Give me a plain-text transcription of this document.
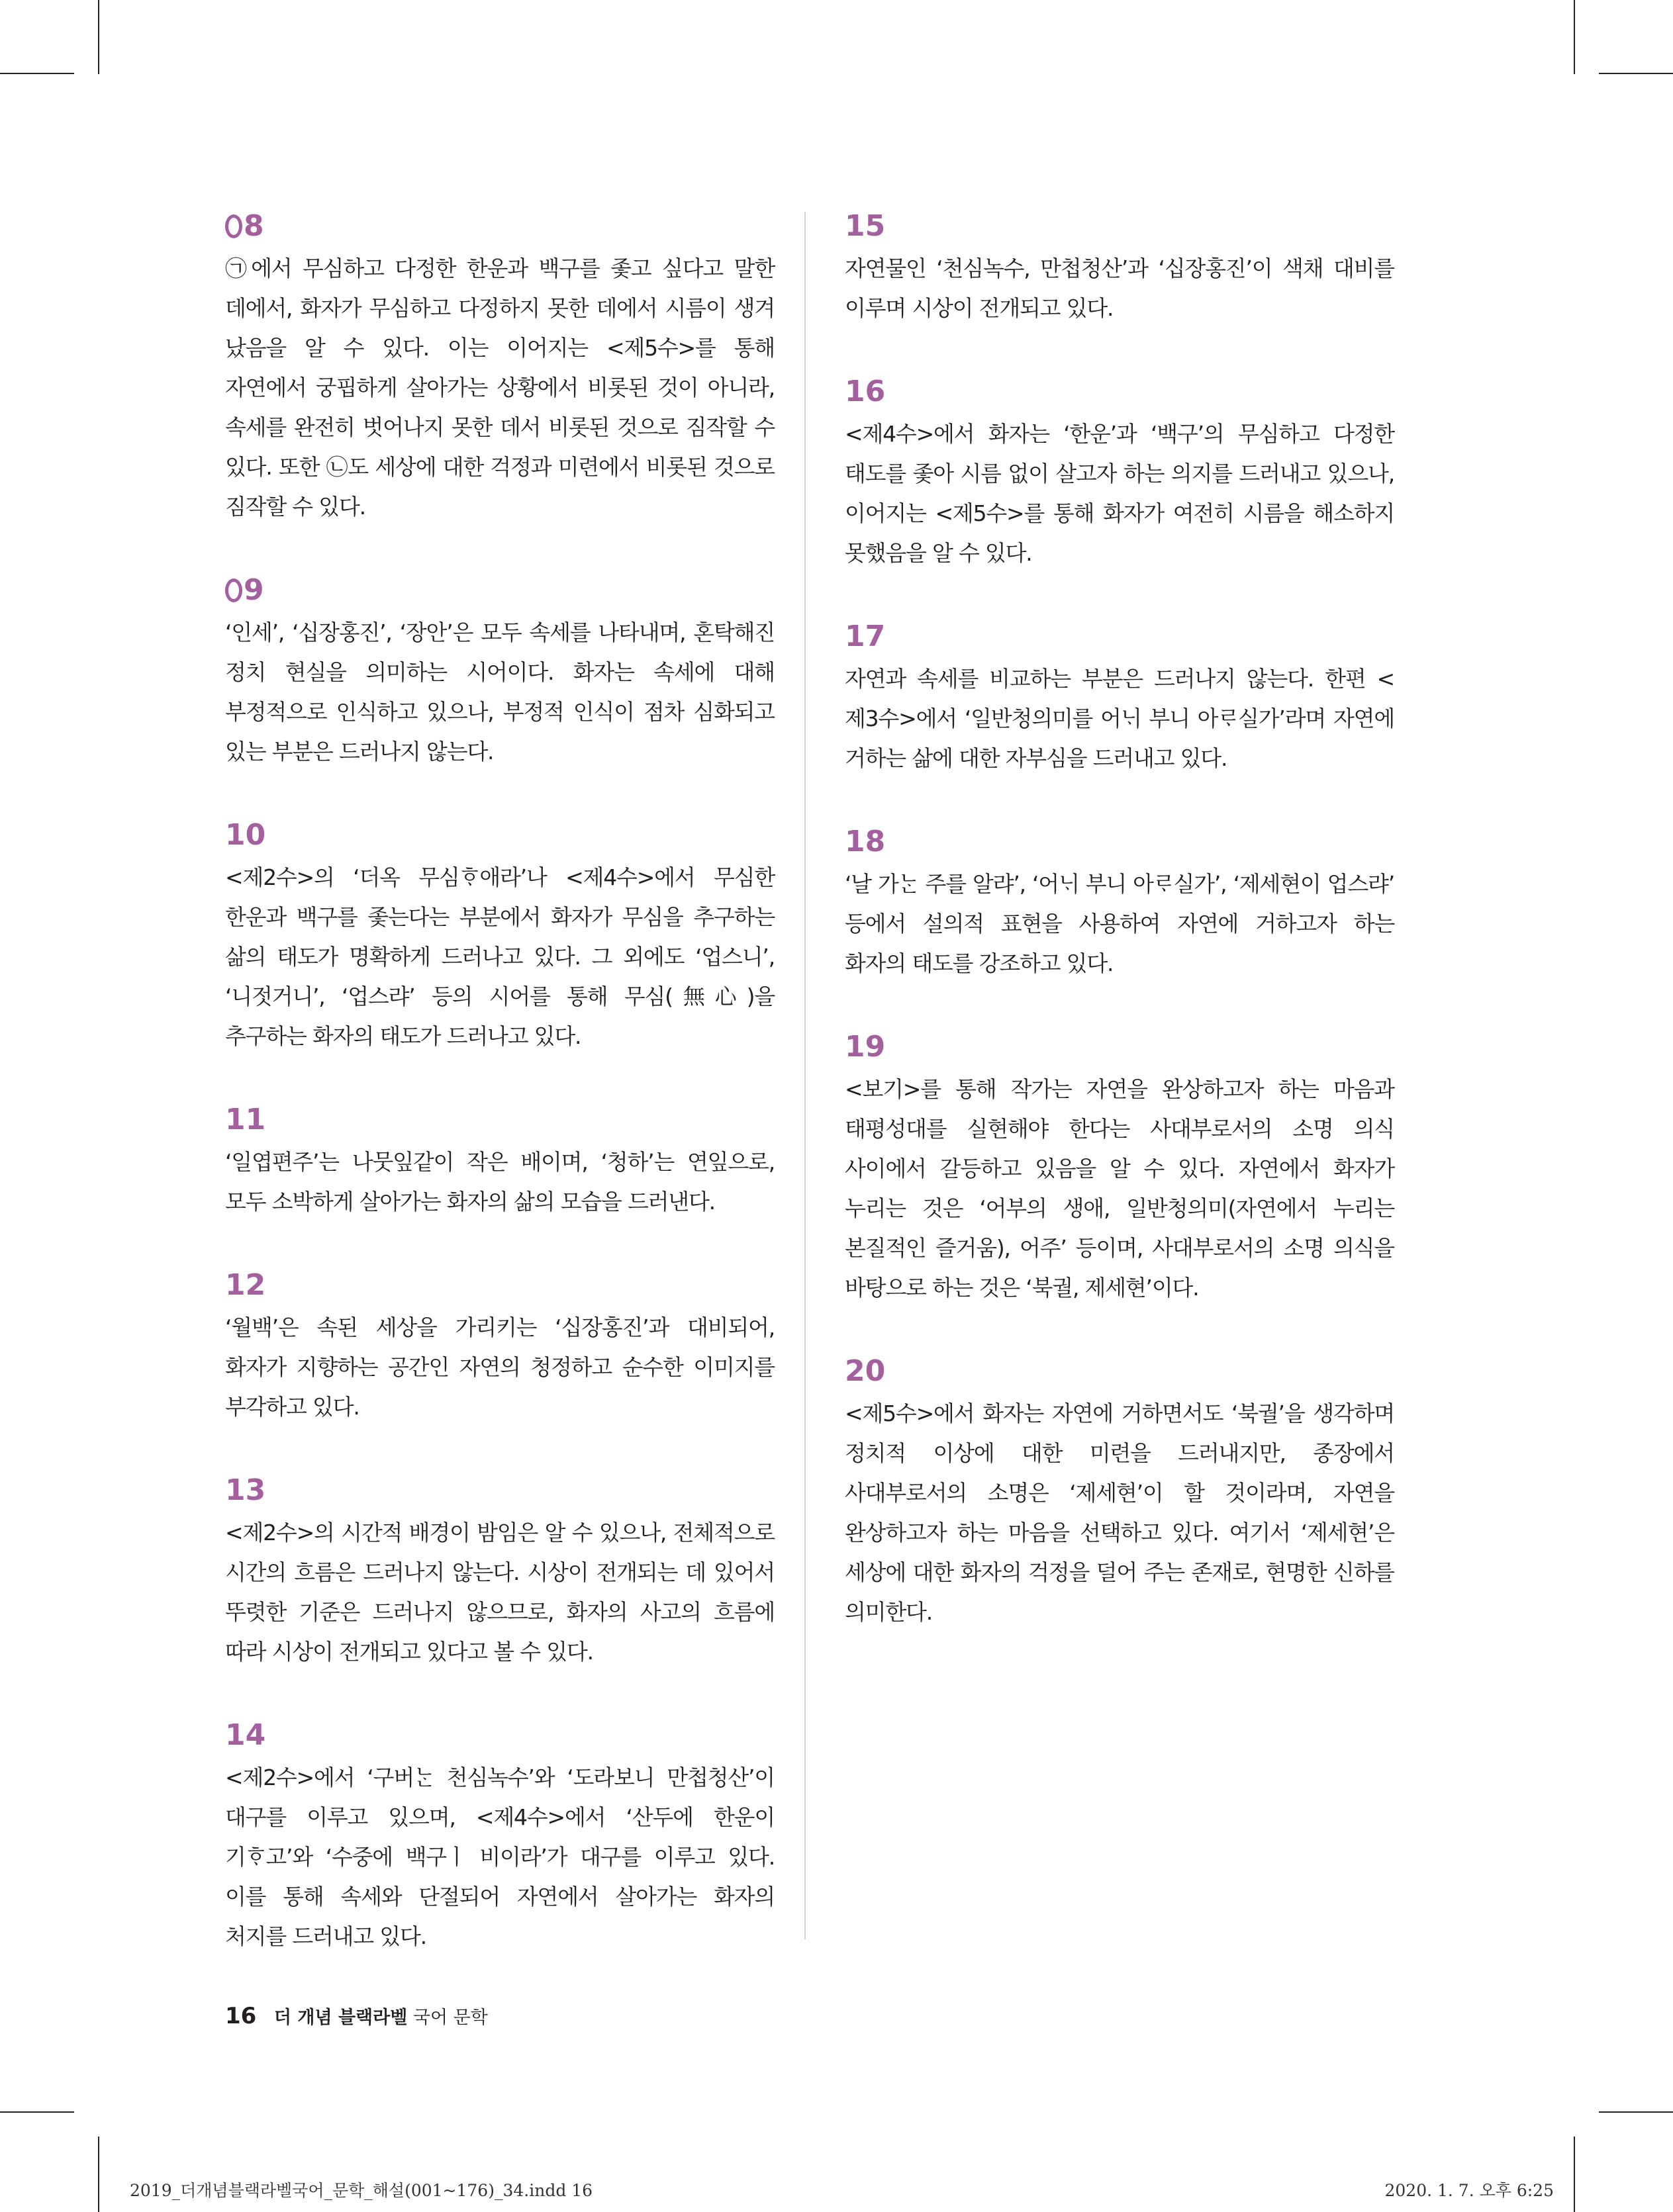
8

㉠에서 무심하고 다정한 한운과 백구를 좇고 싶다고 말한 데에서, 화자가 무심하고 다정하지 못한 데에서 시름이 생겨 났음을 알 수 있다. 이는 이어지는 <제5수>를 통해 자연에서 궁핍하게 살아가는 상황에서 비롯된 것이 아니라, 속세를 완전히 벗어나지 못한 데서 비롯된 것으로 짐작할 수 있다. 또한 ㉡도 세상에 대한 걱정과 미련에서 비롯된 것으로 짐작할 수 있다.

9

‘인세’, ‘십장홍진’, ‘장안’은 모두 속세를 나타내며, 혼탁해진 정치 현실을 의미하는 시어이다. 화자는 속세에 대해 부정적으로 인식하고 있으나, 부정적 인식이 점차 심화되고 있는 부분은 드러나지 않는다.

10

<제2수>의 ‘더옥 무심ᄒᆞ애라’나 <제4수>에서 무심한 한운과 백구를 좇는다는 부분에서 화자가 무심을 추구하는 삶의 태도가 명확하게 드러나고 있다. 그 외에도 ‘업스니’, ‘니젓거니’, ‘업스랴’ 등의 시어를 통해 무심(無心)을 추구하는 화자의 태도가 드러나고 있다.

11

‘일엽편주’는 나뭇잎같이 작은 배이며, ‘청하’는 연잎으로, 모두 소박하게 살아가는 화자의 삶의 모습을 드러낸다.

12

‘월백’은 속된 세상을 가리키는 ‘십장홍진’과 대비되어, 화자가 지향하는 공간인 자연의 청정하고 순수한 이미지를 부각하고 있다.

13

<제2수>의 시간적 배경이 밤임은 알 수 있으나, 전체적으로 시간의 흐름은 드러나지 않는다. 시상이 전개되는 데 있어서 뚜렷한 기준은 드러나지 않으므로, 화자의 사고의 흐름에 따라 시상이 전개되고 있다고 볼 수 있다.

14

<제2수>에서 ‘구버ᄂᆞᆫ 천심녹수’와 ‘도라보니 만첩청산’이 대구를 이루고 있으며, <제4수>에서 ‘산두에 한운이 기ᄒᆞ고’와 ‘수중에 백구ㅣ 비이라’가 대구를 이루고 있다. 이를 통해 속세와 단절되어 자연에서 살아가는 화자의 처지를 드러내고 있다.

15

자연물인 ‘천심녹수, 만첩청산’과 ‘십장홍진’이 색채 대비를 이루며 시상이 전개되고 있다.

16

<제4수>에서 화자는 ‘한운’과 ‘백구’의 무심하고 다정한 태도를 좇아 시름 없이 살고자 하는 의지를 드러내고 있으나, 이어지는 <제5수>를 통해 화자가 여전히 시름을 해소하지 못했음을 알 수 있다.

17

자연과 속세를 비교하는 부분은 드러나지 않는다. 한편 <제3수>에서 ‘일반청의미를 어ᄂᆡ 부니 아ᄅᆞ실가’라며 자연에 거하는 삶에 대한 자부심을 드러내고 있다.

18

‘날 가ᄂᆞᆫ 주를 알랴’, ‘어ᄂᆡ 부니 아ᄅᆞ실가’, ‘제세현이 업스랴’ 등에서 설의적 표현을 사용하여 자연에 거하고자 하는 화자의 태도를 강조하고 있다.

19

<보기>를 통해 작가는 자연을 완상하고자 하는 마음과 태평성대를 실현해야 한다는 사대부로서의 소명 의식 사이에서 갈등하고 있음을 알 수 있다. 자연에서 화자가 누리는 것은 ‘어부의 생애, 일반청의미(자연에서 누리는 본질적인 즐거움), 어주’ 등이며, 사대부로서의 소명 의식을 바탕으로 하는 것은 ‘북궐, 제세현’이다.

20

<제5수>에서 화자는 자연에 거하면서도 ‘북궐’을 생각하며 정치적 이상에 대한 미련을 드러내지만, 종장에서 사대부로서의 소명은 ‘제세현’이 할 것이라며, 자연을 완상하고자 하는 마음을 선택하고 있다. 여기서 ‘제세현’은 세상에 대한 화자의 걱정을 덜어 주는 존재로, 현명한 신하를 의미한다.

16 더 개념 블랙라벨 국어 문학
2019_더개념블랙라벨국어_문학_해설(001~176)_34.indd 16	2020. 1. 7. 오후 6:25
